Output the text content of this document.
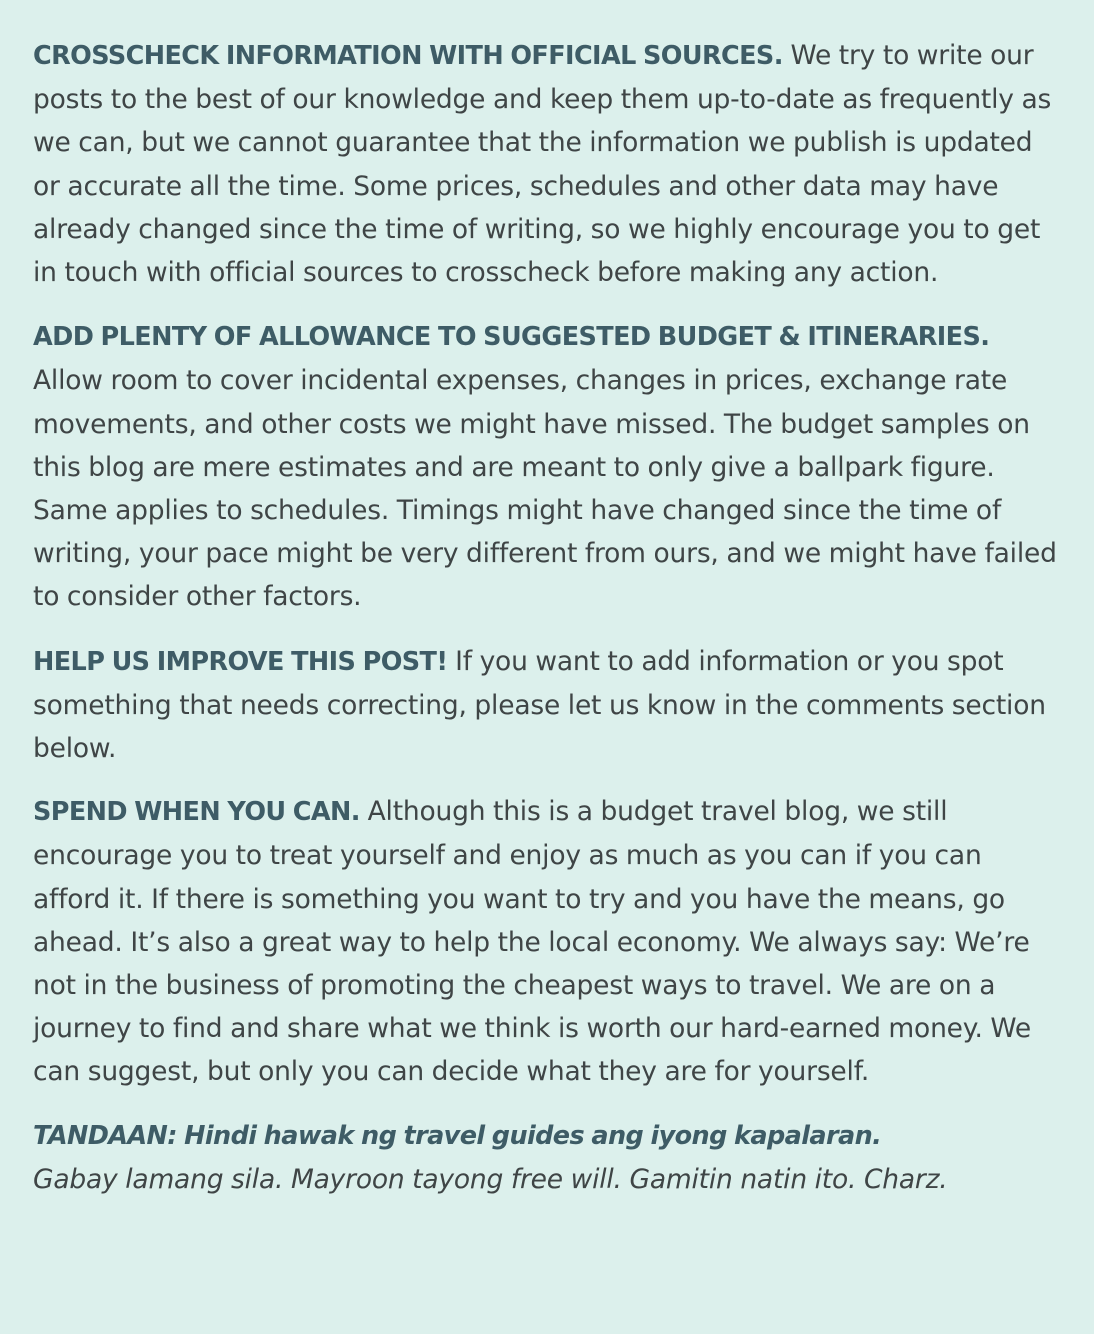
CROSSCHECK INFORMATION WITH OFFICIAL SOURCES. We try to write our posts to the best of our knowledge and keep them up-to-date as frequently as we can, but we cannot guarantee that the information we publish is updated or accurate all the time. Some prices, schedules and other data may have already changed since the time of writing, so we highly encourage you to get in touch with official sources to crosscheck before making any action.

ADD PLENTY OF ALLOWANCE TO SUGGESTED BUDGET & ITINERARIES.
Allow room to cover incidental expenses, changes in prices, exchange rate movements, and other costs we might have missed. The budget samples on this blog are mere estimates and are meant to only give a ballpark figure. Same applies to schedules. Timings might have changed since the time of writing, your pace might be very different from ours, and we might have failed to consider other factors.

HELP US IMPROVE THIS POST! If you want to add information or you spot something that needs correcting, please let us know in the comments section below.

SPEND WHEN YOU CAN. Although this is a budget travel blog, we still encourage you to treat yourself and enjoy as much as you can if you can afford it. If there is something you want to try and you have the means, go ahead. It’s also a great way to help the local economy. We always say: We’re not in the business of promoting the cheapest ways to travel. We are on a journey to find and share what we think is worth our hard-earned money. We can suggest, but only you can decide what they are for yourself.

TANDAAN: Hindi hawak ng travel guides ang iyong kapalaran.
Gabay lamang sila. Mayroon tayong free will. Gamitin natin ito. Charz.
